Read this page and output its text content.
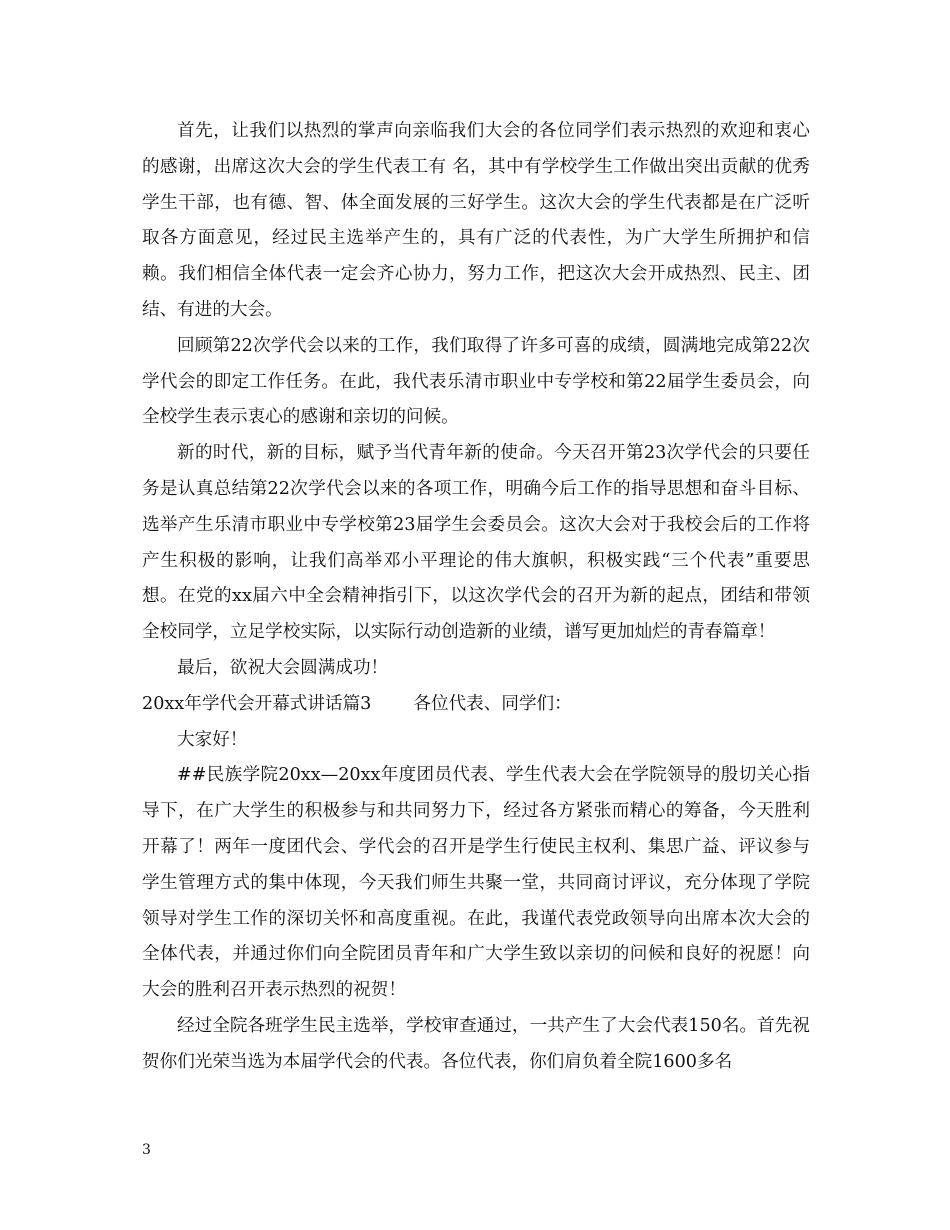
首先，让我们以热烈的掌声向亲临我们大会的各位同学们表示热烈的欢迎和衷心的感谢，出席这次大会的学生代表工有 名，其中有学校学生工作做出突出贡献的优秀学生干部，也有德、智、体全面发展的三好学生。这次大会的学生代表都是在广泛听取各方面意见，经过民主选举产生的，具有广泛的代表性，为广大学生所拥护和信赖。我们相信全体代表一定会齐心协力，努力工作，把这次大会开成热烈、民主、团结、有进的大会。

回顾第22次学代会以来的工作，我们取得了许多可喜的成绩，圆满地完成第22次学代会的即定工作任务。在此，我代表乐清市职业中专学校和第22届学生委员会，向全校学生表示衷心的感谢和亲切的问候。

新的时代，新的目标，赋予当代青年新的使命。今天召开第23次学代会的只要任务是认真总结第22次学代会以来的各项工作，明确今后工作的指导思想和奋斗目标、选举产生乐清市职业中专学校第23届学生会委员会。这次大会对于我校会后的工作将产生积极的影响，让我们高举邓小平理论的伟大旗帜，积极实践“三个代表”重要思想。在党的xx届六中全会精神指引下，以这次学代会的召开为新的起点，团结和带领全校同学，立足学校实际，以实际行动创造新的业绩，谱写更加灿烂的青春篇章！

最后，欲祝大会圆满成功！

20xx年学代会开幕式讲话篇3 各位代表、同学们：

大家好！

##民族学院20xx—20xx年度团员代表、学生代表大会在学院领导的殷切关心指导下，在广大学生的积极参与和共同努力下，经过各方紧张而精心的筹备，今天胜利开幕了！两年一度团代会、学代会的召开是学生行使民主权利、集思广益、评议参与学生管理方式的集中体现，今天我们师生共聚一堂，共同商讨评议，充分体现了学院领导对学生工作的深切关怀和高度重视。在此，我谨代表党政领导向出席本次大会的全体代表，并通过你们向全院团员青年和广大学生致以亲切的问候和良好的祝愿！向大会的胜利召开表示热烈的祝贺！

经过全院各班学生民主选举，学校审查通过，一共产生了大会代表150名。首先祝贺你们光荣当选为本届学代会的代表。各位代表，你们肩负着全院1600多名

3
